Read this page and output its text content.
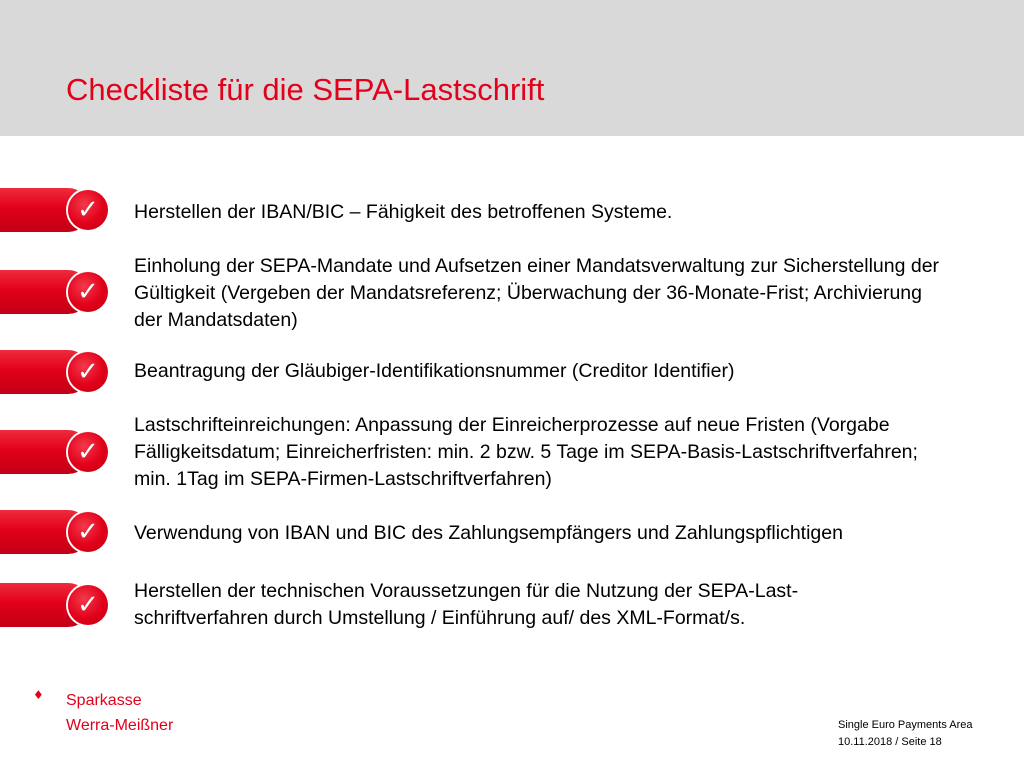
Checkliste für die SEPA-Lastschrift
✓	Herstellen der IBAN/BIC – Fähigkeit des betroffenen Systeme.
✓
Einholung der SEPA-Mandate und Aufsetzen einer Mandatsverwaltung zur Sicherstellung der Gültigkeit (Vergeben der Mandatsreferenz; Überwachung der 36-Monate-Frist; Archivierung der Mandatsdaten)
✓	Beantragung der Gläubiger-Identifikationsnummer (Creditor Identifier)
✓
Lastschrifteinreichungen: Anpassung der Einreicherprozesse auf neue Fristen (Vorgabe Fälligkeitsdatum; Einreicherfristen: min. 2 bzw. 5 Tage im SEPA-Basis-Lastschriftverfahren; min. 1Tag im SEPA-Firmen-Lastschriftverfahren)
✓	Verwendung von IBAN und BIC des Zahlungsempfängers und Zahlungspflichtigen
✓	Herstellen der technischen Voraussetzungen für die Nutzung der SEPA-Last-schriftverfahren durch Umstellung / Einführung auf/ des XML-Format/s.
♦ Sparkasse
Werra-Meißner	Single Euro Payments Area
10.11.2018 / Seite 18
